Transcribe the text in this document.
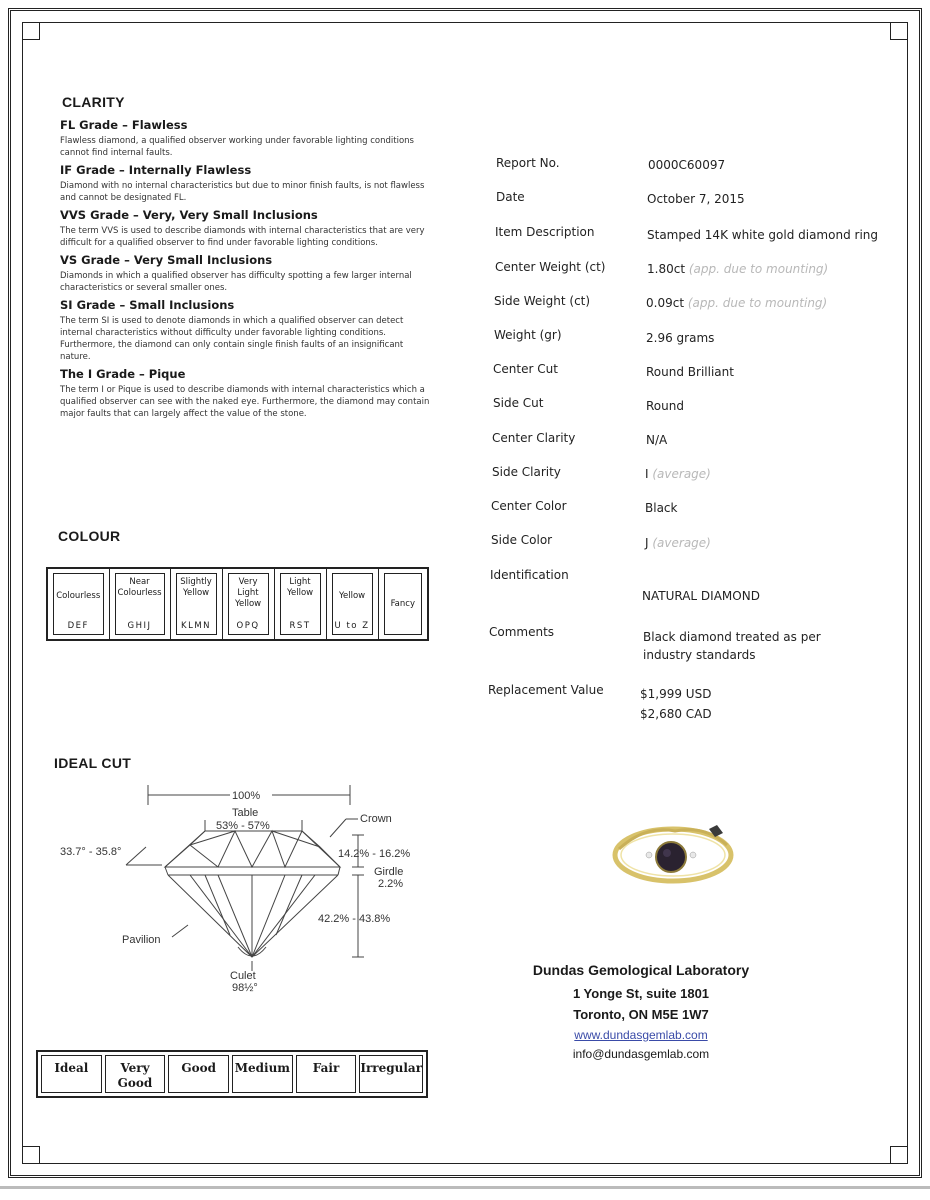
CLARITY
FL Grade – Flawless
Flawless diamond, a qualified observer working under favorable lighting conditions cannot find internal faults.
IF Grade – Internally Flawless
Diamond with no internal characteristics but due to minor finish faults, is not flawless and cannot be designated FL.
VVS Grade – Very, Very Small Inclusions
The term VVS is used to describe diamonds with internal characteristics that are very difficult for a qualified observer to find under favorable lighting conditions.
VS Grade – Very Small Inclusions
Diamonds in which a qualified observer has difficulty spotting a few larger internal characteristics or several smaller ones.
SI Grade – Small Inclusions
The term SI is used to denote diamonds in which a qualified observer can detect internal characteristics without difficulty under favorable lighting conditions. Furthermore, the diamond can only contain single finish faults of an insignificant nature.
The I Grade – Pique
The term I or Pique is used to describe diamonds with internal characteristics which a qualified observer can see with the naked eye. Furthermore, the diamond may contain major faults that can largely affect the value of the stone.
COLOUR
Colourless
DEF

Near Colourless
GHIJ

Slightly Yellow
KLMN

Very Light Yellow
OPQ

Light Yellow
RST

Yellow
U to Z

Fancy
IDEAL CUT
100%
Table
53% - 57%
Crown
33.7° - 35.8°	14.2% - 16.2%
Girdle
2.2%
42.2% - 43.8%
Pavilion
Culet
98½°
Ideal	Very Good
Good	Medium	Fair	Irregular
Report No.	0000C60097
Date	October 7, 2015
Item Description	Stamped 14K white gold diamond ring
Center Weight (ct)	1.80ct (app. due to mounting)
Side Weight (ct)	0.09ct (app. due to mounting)
Weight (gr)	2.96 grams
Center Cut	Round Brilliant
Side Cut	Round
Center Clarity	N/A
Side Clarity	I (average)
Center Color	Black
Side Color	J (average)
Identification
NATURAL DIAMOND
Comments	Black diamond treated as per industry standards
Replacement Value	$1,999 USD
$2,680 CAD
Dundas Gemological Laboratory
1 Yonge St, suite 1801
Toronto, ON M5E 1W7
www.dundasgemlab.com
info@dundasgemlab.com
